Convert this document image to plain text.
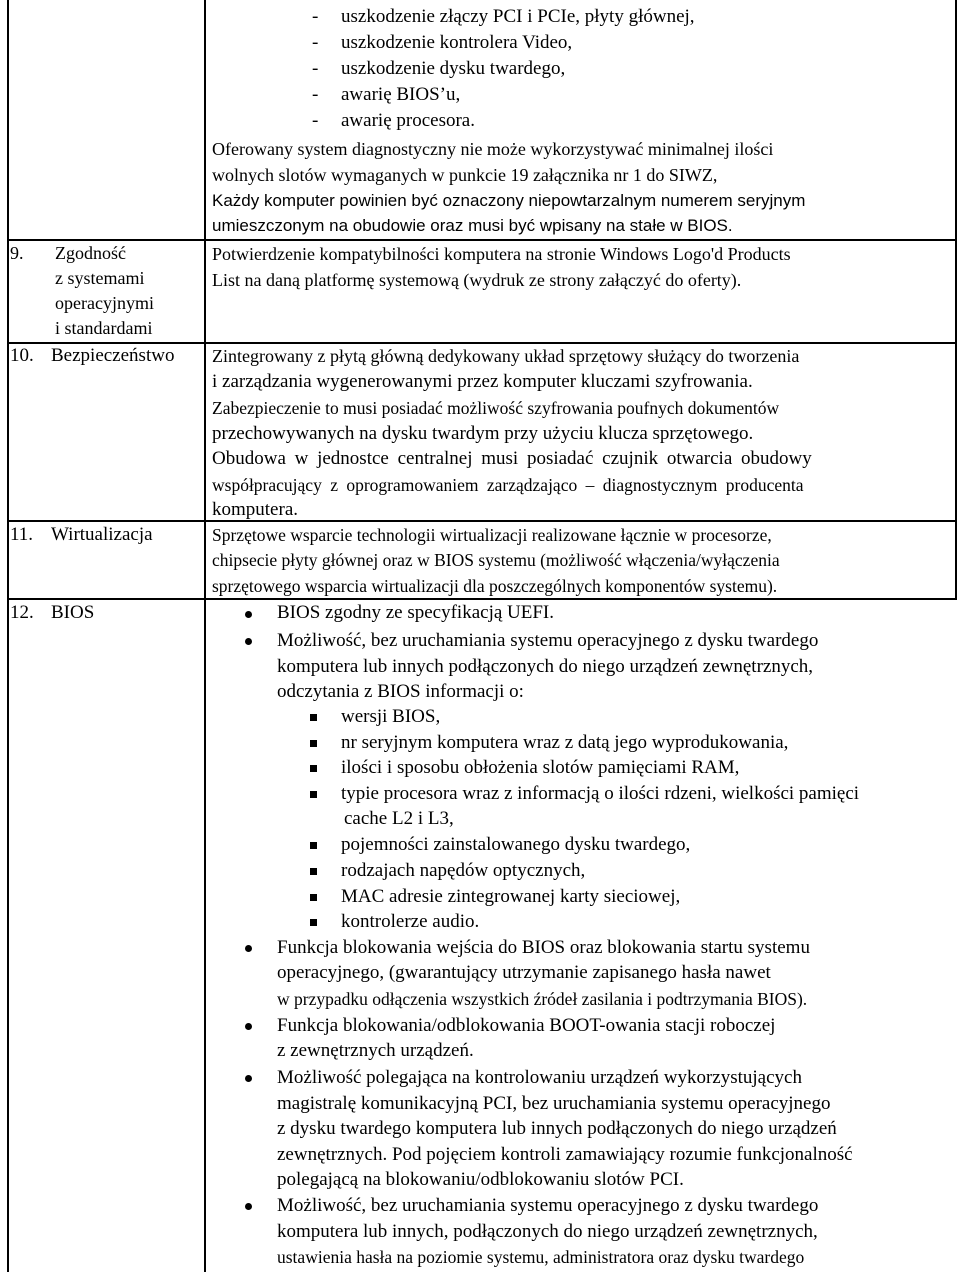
- uszkodzenie złączy PCI i PCIe, płyty głównej,
- uszkodzenie kontrolera Video,
- uszkodzenie dysku twardego,
- awarię BIOS’u,
- awarię procesora.
Oferowany system diagnostyczny nie może wykorzystywać minimalnej ilości
wolnych slotów wymaganych w punkcie 19 załącznika nr 1 do SIWZ,
Każdy komputer powinien być oznaczony niepowtarzalnym numerem seryjnym
umieszczonym na obudowie oraz musi być wpisany na stałe w BIOS.
9. Zgodność
z systemami
operacyjnymi
i standardami
Potwierdzenie kompatybilności komputera na stronie Windows Logo'd Products
List na daną platformę systemową (wydruk ze strony załączyć do oferty).
10. Bezpieczeństwo Zintegrowany z płytą główną dedykowany układ sprzętowy służący do tworzenia
i zarządzania wygenerowanymi przez komputer kluczami szyfrowania.
Zabezpieczenie to musi posiadać możliwość szyfrowania poufnych dokumentów
przechowywanych na dysku twardym przy użyciu klucza sprzętowego.
Obudowa w jednostce centralnej musi posiadać czujnik otwarcia obudowy
współpracujący z oprogramowaniem zarządzająco – diagnostycznym producenta
komputera.
11. Wirtualizacja	Sprzętowe wsparcie technologii wirtualizacji realizowane łącznie w procesorze,
chipsecie płyty głównej oraz w BIOS systemu (możliwość włączenia/wyłączenia
sprzętowego wsparcia wirtualizacji dla poszczególnych komponentów systemu).
12. BIOS	BIOS zgodny ze specyfikacją UEFI.
Możliwość, bez uruchamiania systemu operacyjnego z dysku twardego
komputera lub innych podłączonych do niego urządzeń zewnętrznych,
odczytania z BIOS informacji o:
wersji BIOS,
nr seryjnym komputera wraz z datą jego wyprodukowania,
ilości i sposobu obłożenia slotów pamięciami RAM,
typie procesora wraz z informacją o ilości rdzeni, wielkości pamięci
cache L2 i L3,
pojemności zainstalowanego dysku twardego,
rodzajach napędów optycznych,
MAC adresie zintegrowanej karty sieciowej,
kontrolerze audio.
Funkcja blokowania wejścia do BIOS oraz blokowania startu systemu
operacyjnego, (gwarantujący utrzymanie zapisanego hasła nawet
w przypadku odłączenia wszystkich źródeł zasilania i podtrzymania BIOS).
Funkcja blokowania/odblokowania BOOT-owania stacji roboczej
z zewnętrznych urządzeń.
Możliwość polegająca na kontrolowaniu urządzeń wykorzystujących
magistralę komunikacyjną PCI, bez uruchamiania systemu operacyjnego
z dysku twardego komputera lub innych podłączonych do niego urządzeń
zewnętrznych. Pod pojęciem kontroli zamawiający rozumie funkcjonalność
polegającą na blokowaniu/odblokowaniu slotów PCI.
Możliwość, bez uruchamiania systemu operacyjnego z dysku twardego
komputera lub innych, podłączonych do niego urządzeń zewnętrznych,
ustawienia hasła na poziomie systemu, administratora oraz dysku twardego
